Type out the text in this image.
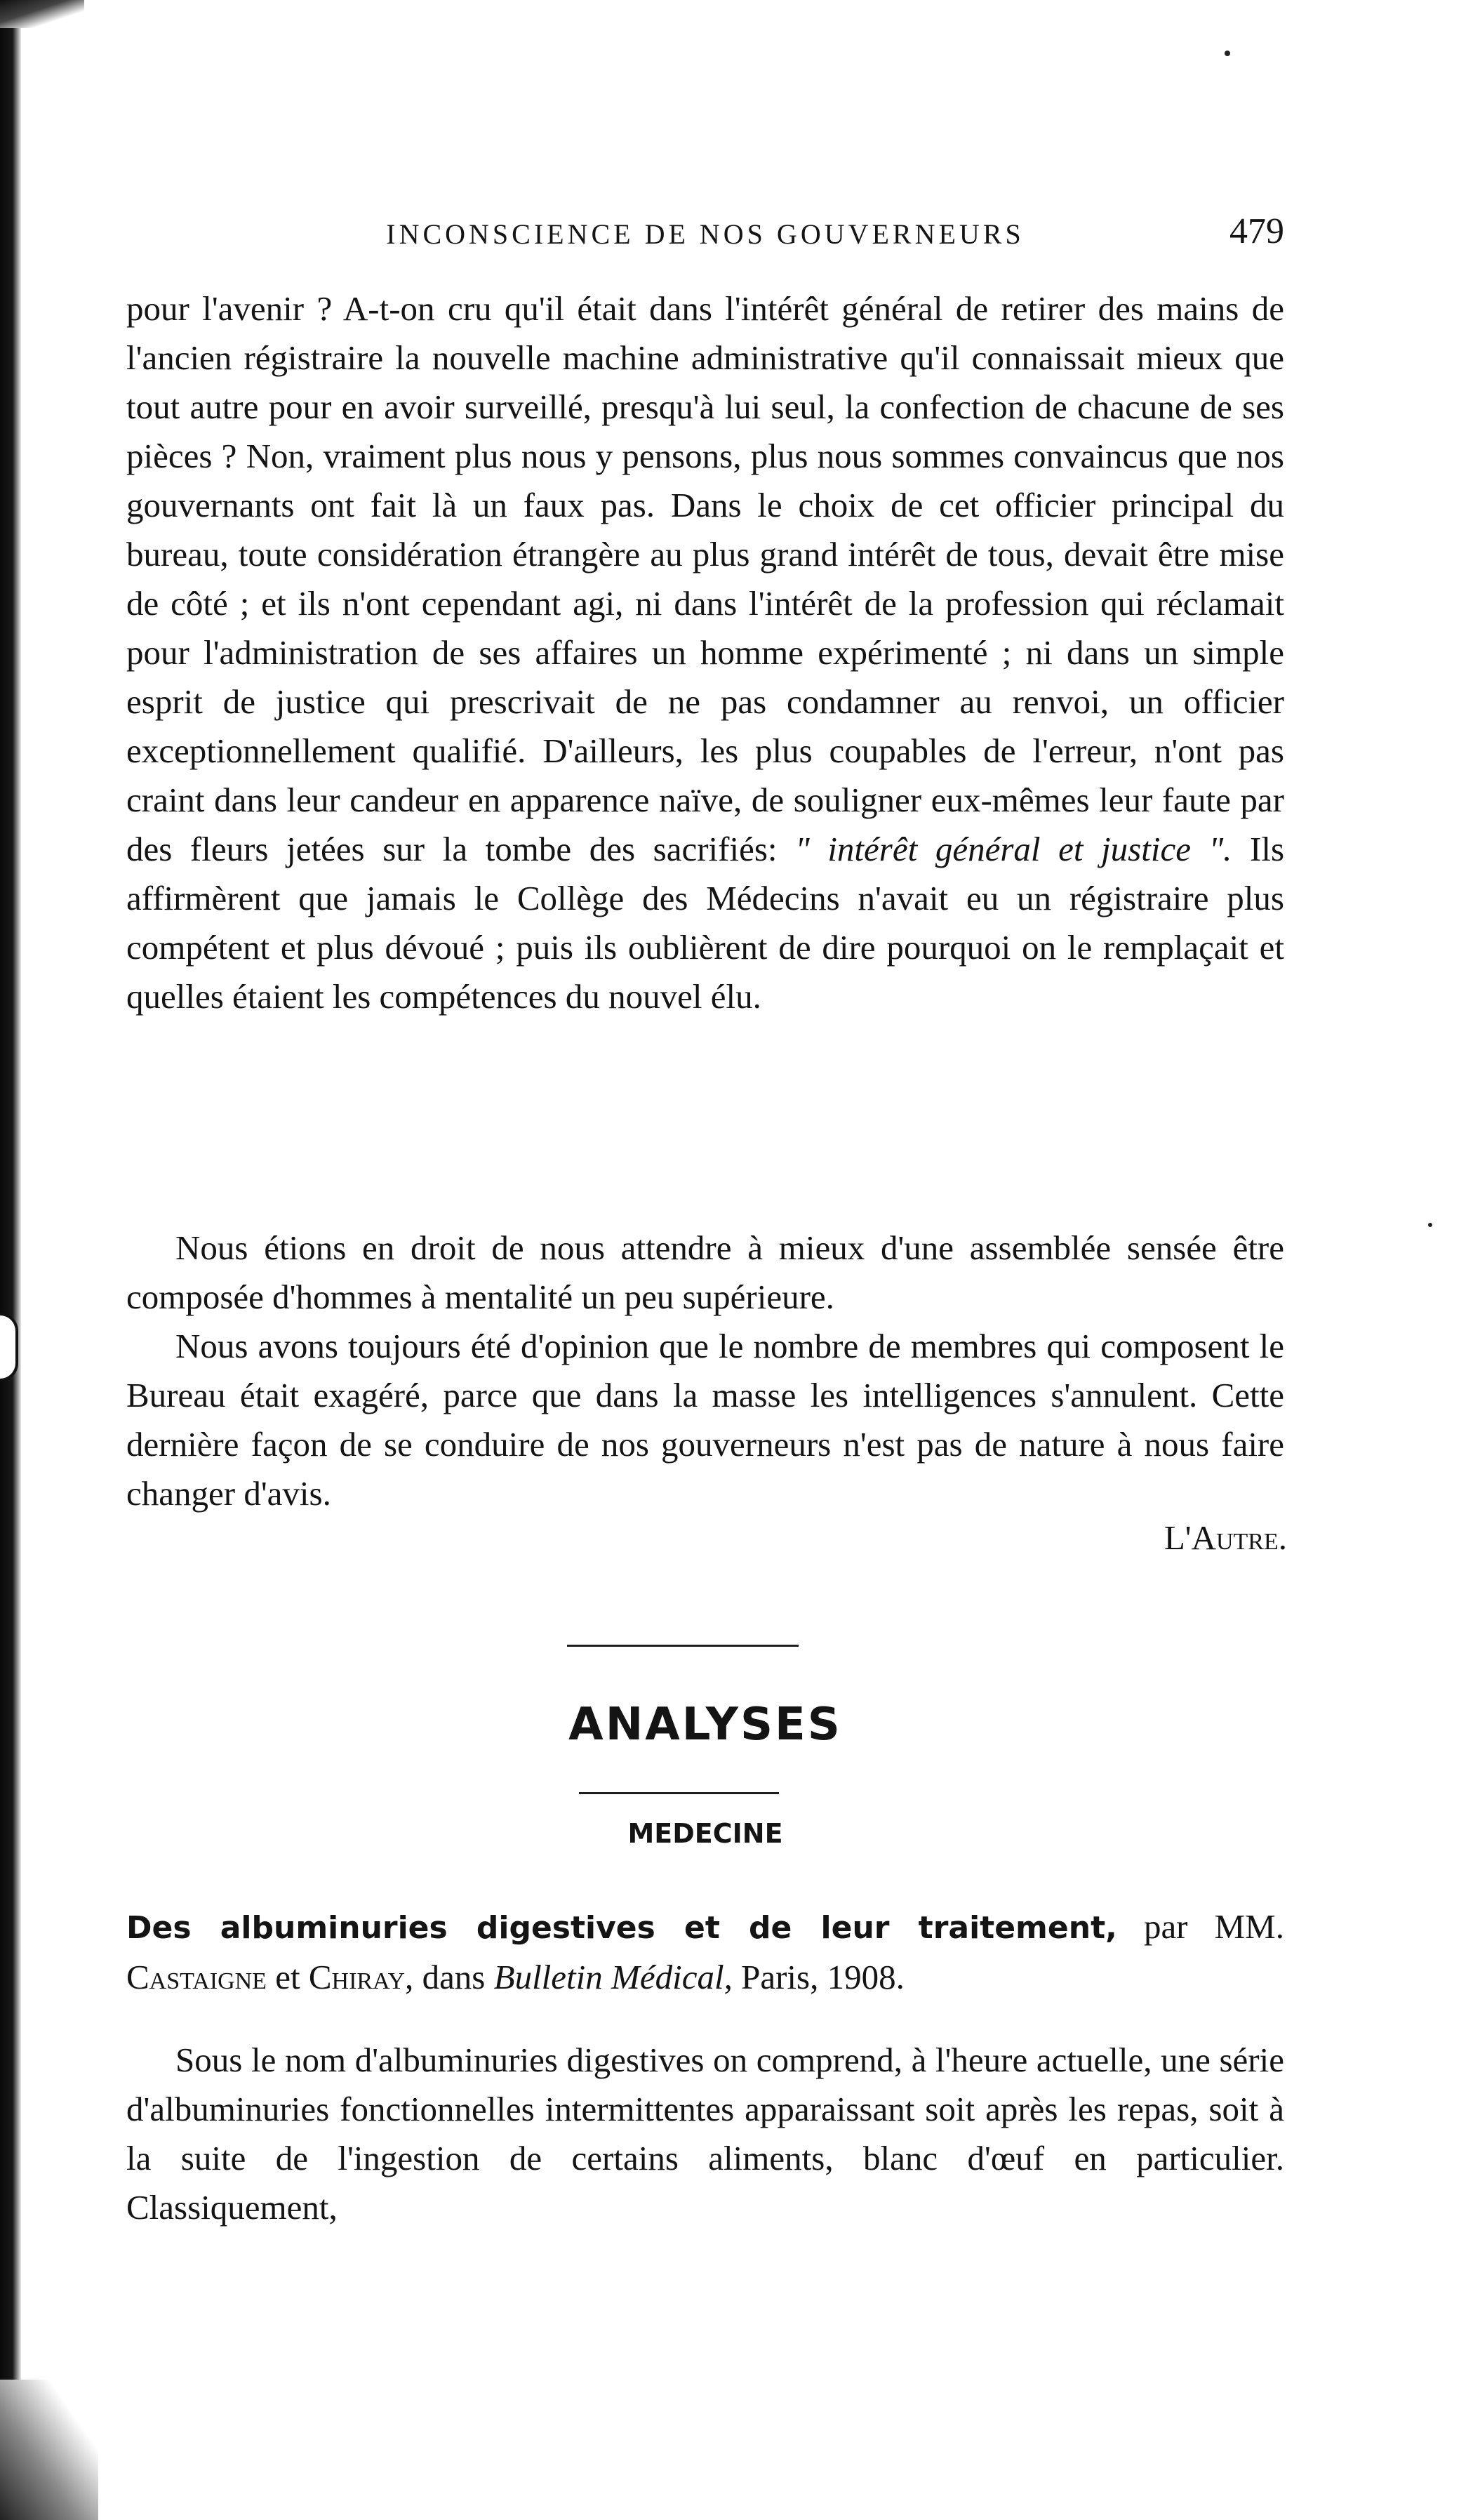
INCONSCIENCE DE NOS GOUVERNEURS	479

pour l'avenir ? A-t-on cru qu'il était dans l'intérêt général de retirer des mains de l'ancien régistraire la nouvelle machine administrative qu'il connaissait mieux que tout autre pour en avoir surveillé, presqu'à lui seul, la confection de chacune de ses pièces ? Non, vraiment plus nous y pensons, plus nous sommes convaincus que nos gouvernants ont fait là un faux pas. Dans le choix de cet officier principal du bureau, toute considération étrangère au plus grand intérêt de tous, devait être mise de côté ; et ils n'ont cependant agi, ni dans l'intérêt de la profession qui réclamait pour l'administration de ses affaires un homme expérimenté ; ni dans un simple esprit de justice qui prescrivait de ne pas condamner au renvoi, un officier exceptionnellement qualifié. D'ailleurs, les plus coupables de l'erreur, n'ont pas craint dans leur candeur en apparence naïve, de souligner eux-mêmes leur faute par des fleurs jetées sur la tombe des sacrifiés: " intérêt général et justice ". Ils affirmèrent que jamais le Collège des Médecins n'avait eu un régistraire plus compétent et plus dévoué ; puis ils oublièrent de dire pourquoi on le remplaçait et quelles étaient les compétences du nouvel élu.

Nous étions en droit de nous attendre à mieux d'une assemblée sensée être composée d'hommes à mentalité un peu supérieure.

Nous avons toujours été d'opinion que le nombre de membres qui composent le Bureau était exagéré, parce que dans la masse les intelligences s'annulent. Cette dernière façon de se conduire de nos gouverneurs n'est pas de nature à nous faire changer d'avis.

L'Autre.
ANALYSES
MEDECINE

Des albuminuries digestives et de leur traitement, par MM. Castaigne et Chiray, dans Bulletin Médical, Paris, 1908.

Sous le nom d'albuminuries digestives on comprend, à l'heure actuelle, une série d'albuminuries fonctionnelles intermittentes apparaissant soit après les repas, soit à la suite de l'ingestion de certains aliments, blanc d'œuf en particulier. Classiquement,
